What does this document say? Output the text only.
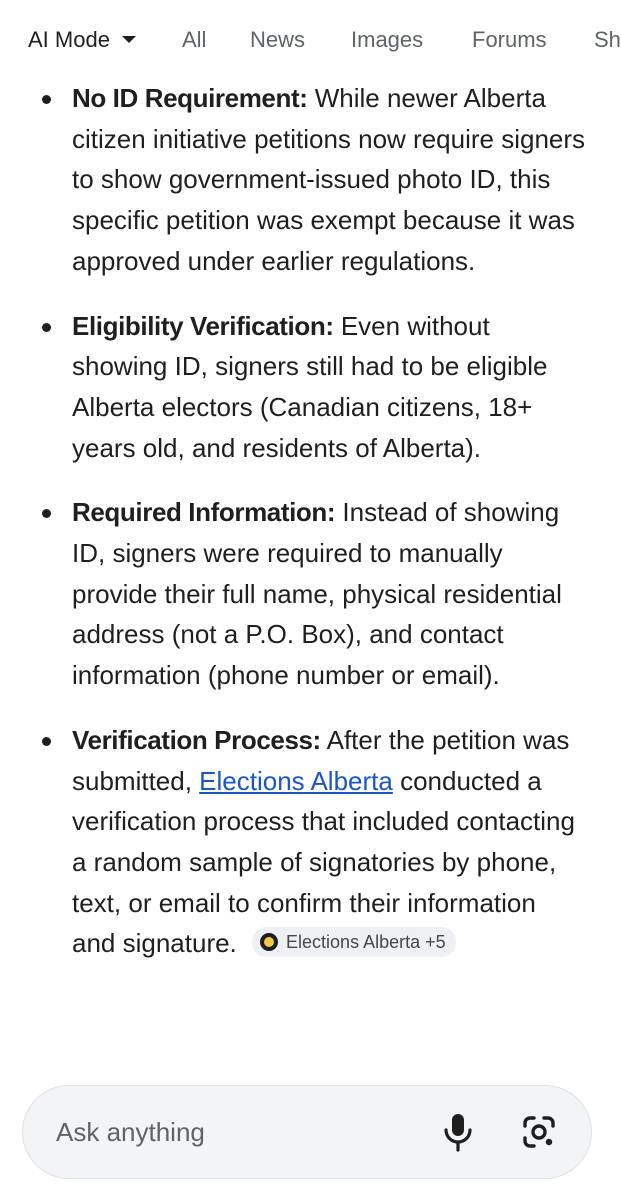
AI Mode	All News Images Forums Sh
No ID Requirement: While newer Alberta citizen initiative petitions now require signers to show government-issued photo ID, this specific petition was exempt because it was approved under earlier regulations.
Eligibility Verification: Even without showing ID, signers still had to be eligible Alberta electors (Canadian citizens, 18+ years old, and residents of Alberta).
Required Information: Instead of showing ID, signers were required to manually provide their full name, physical residential address (not a P.O. Box), and contact information (phone number or email).
Verification Process: After the petition was submitted, Elections Alberta conducted a verification process that included contacting a random sample of signatories by phone, text, or email to confirm their information and signature.	Elections Alberta +5
Ask anything
